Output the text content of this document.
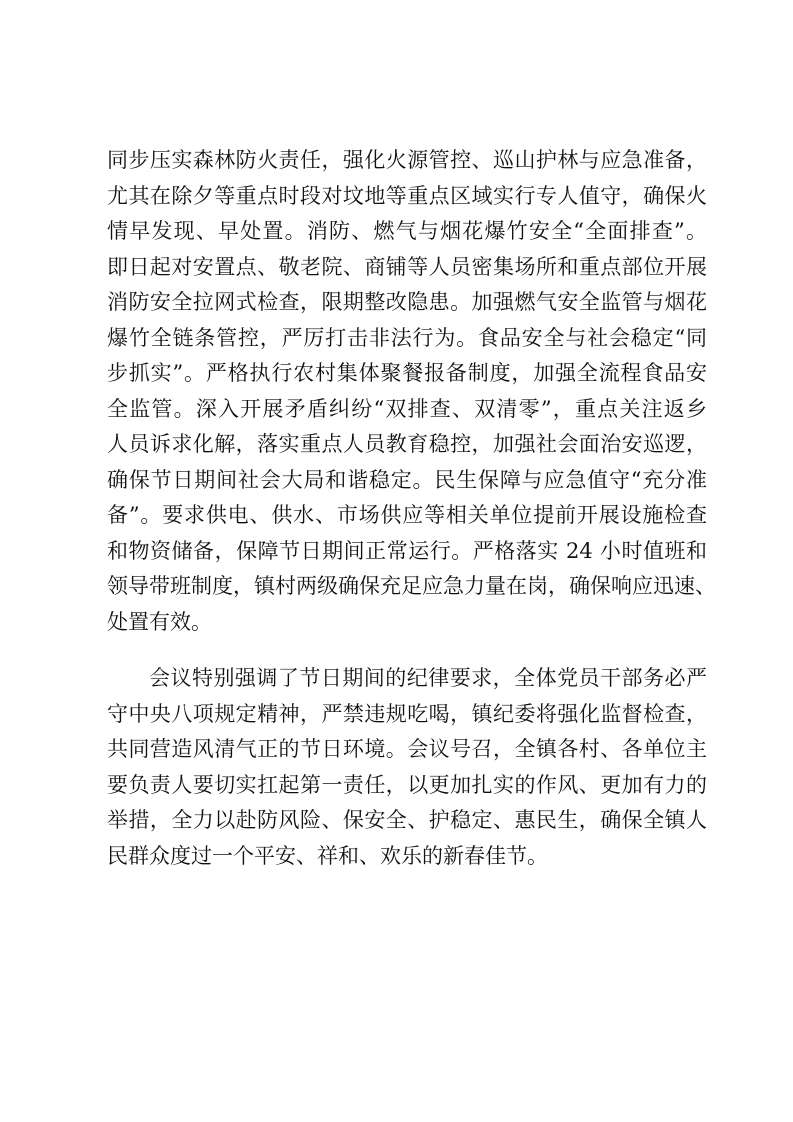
同步压实森林防火责任，强化火源管控、巡山护林与应急准备，
尤其在除夕等重点时段对坟地等重点区域实行专人值守，确保火
情早发现、早处置。消防、燃气与烟花爆竹安全“全面排查”。
即日起对安置点、敬老院、商铺等人员密集场所和重点部位开展
消防安全拉网式检查，限期整改隐患。加强燃气安全监管与烟花
爆竹全链条管控，严厉打击非法行为。食品安全与社会稳定“同
步抓实”。严格执行农村集体聚餐报备制度，加强全流程食品安
全监管。深入开展矛盾纠纷“双排查、双清零”，重点关注返乡
人员诉求化解，落实重点人员教育稳控，加强社会面治安巡逻，
确保节日期间社会大局和谐稳定。民生保障与应急值守“充分准
备”。要求供电、供水、市场供应等相关单位提前开展设施检查
和物资储备，保障节日期间正常运行。严格落实 24 小时值班和
领导带班制度，镇村两级确保充足应急力量在岗，确保响应迅速、
处置有效。
会议特别强调了节日期间的纪律要求，全体党员干部务必严
守中央八项规定精神，严禁违规吃喝，镇纪委将强化监督检查，
共同营造风清气正的节日环境。会议号召，全镇各村、各单位主
要负责人要切实扛起第一责任，以更加扎实的作风、更加有力的
举措，全力以赴防风险、保安全、护稳定、惠民生，确保全镇人
民群众度过一个平安、祥和、欢乐的新春佳节。
